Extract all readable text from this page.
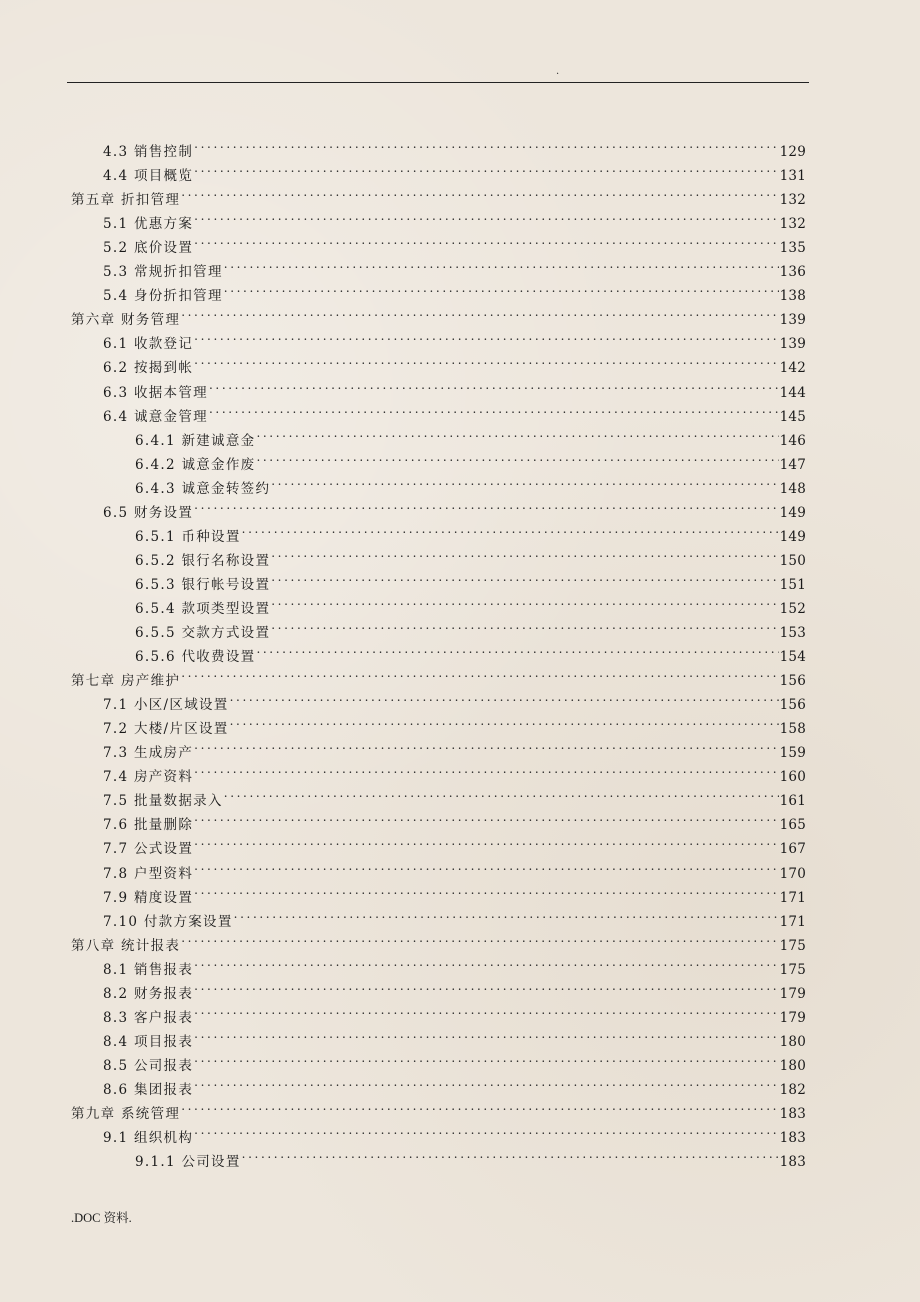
.
4.3 销售控制 . . .	129
4.4 项目概览 . . .	131
第五章 折扣管理 . . .	132
5.1 优惠方案 . . .	132
5.2 底价设置 . . .	135
5.3 常规折扣管理 . . .	136
5.4 身份折扣管理 . . .	138
第六章 财务管理 . . .	139
6.1 收款登记 . . .	139
6.2 按揭到帐 . . .	142
6.3 收据本管理 . . .	144
6.4 诚意金管理 . . .	145
6.4.1 新建诚意金 . . .	146
6.4.2 诚意金作废 . . .	147
6.4.3 诚意金转签约 . . .	148
6.5 财务设置 . . .	149
6.5.1 币种设置 . . .	149
6.5.2 银行名称设置 . . .	150
6.5.3 银行帐号设置 . . .	151
6.5.4 款项类型设置 . . .	152
6.5.5 交款方式设置 . . .	153
6.5.6 代收费设置 . . .	154
第七章 房产维护 . . .	156
7.1 小区/区域设置 . . .	156
7.2 大楼/片区设置 . . .	158
7.3 生成房产 . . .	159
7.4 房产资料 . . .	160
7.5 批量数据录入 . . .	161
7.6 批量删除 . . .	165
7.7 公式设置 . . .	167
7.8 户型资料 . . .	170
7.9 精度设置 . . .	171
7.10 付款方案设置 . . .	171
第八章 统计报表 . . .	175
8.1 销售报表 . . .	175
8.2 财务报表 . . .	179
8.3 客户报表 . . .	179
8.4 项目报表 . . .	180
8.5 公司报表 . . .	180
8.6 集团报表 . . .	182
第九章 系统管理 . . .	183
9.1 组织机构 . . .	183
9.1.1 公司设置 . . .	183
.DOC 资料.
